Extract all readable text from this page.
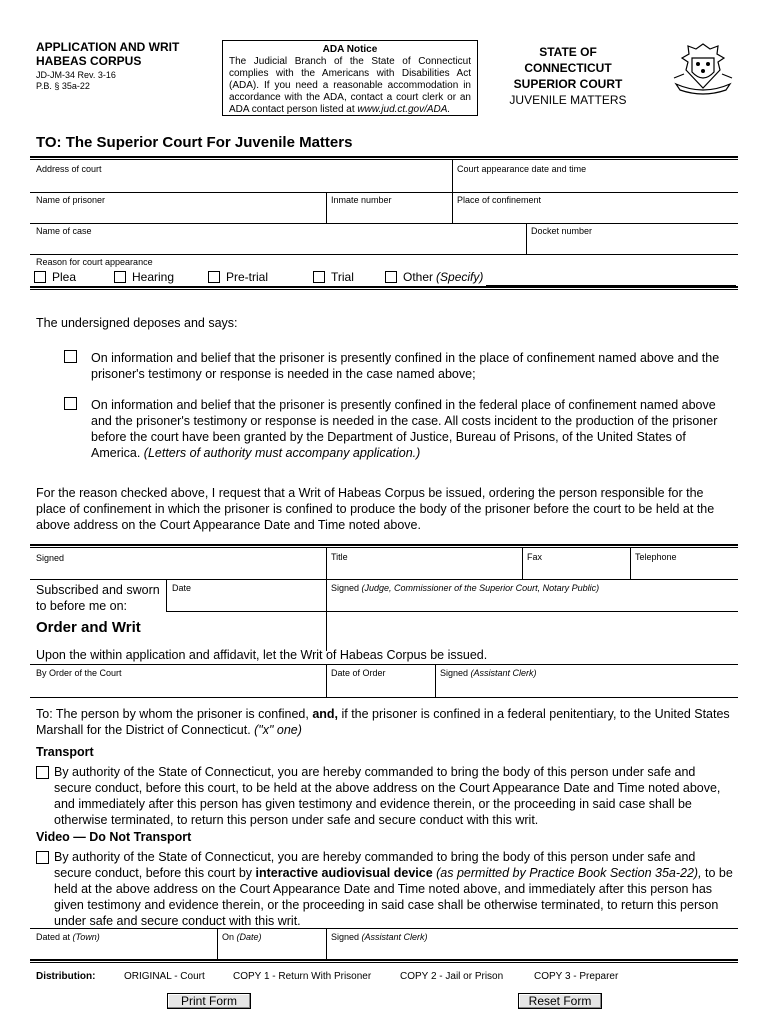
APPLICATION AND WRIT
HABEAS CORPUS
JD-JM-34 Rev. 3-16
P.B. § 35a-22
ADA Notice
The Judicial Branch of the State of Connecticut complies with the Americans with Disabilities Act (ADA). If you need a reasonable accommodation in accordance with the ADA, contact a court clerk or an ADA contact person listed at www.jud.ct.gov/ADA.
STATE OF CONNECTICUT
SUPERIOR COURT
JUVENILE MATTERS
TO: The Superior Court For Juvenile Matters
Address of court	Court appearance date and time
Name of prisoner	Inmate number	Place of confinement
Name of case	Docket number
Reason for court appearance
Plea	Hearing	Pre-trial	Trial	Other (Specify)
The undersigned deposes and says:
On information and belief that the prisoner is presently confined in the place of confinement named above and the prisoner's testimony or response is needed in the case named above;
On information and belief that the prisoner is presently confined in the federal place of confinement named above and the prisoner's testimony or response is needed in the case. All costs incident to the production of the prisoner before the court have been granted by the Department of Justice, Bureau of Prisons, of the United States of America. (Letters of authority must accompany application.)
For the reason checked above, I request that a Writ of Habeas Corpus be issued, ordering the person responsible for the place of confinement in which the prisoner is confined to produce the body of the prisoner before the court to be held at the above address on the Court Appearance Date and Time noted above.
Signed	Title	Fax	Telephone
Subscribed and sworn
to before me on:
Date	Signed (Judge, Commissioner of the Superior Court, Notary Public)
Order and Writ
Upon the within application and affidavit, let the Writ of Habeas Corpus be issued.
By Order of the Court	Date of Order	Signed (Assistant Clerk)
To: The person by whom the prisoner is confined, and, if the prisoner is confined in a federal penitentiary, to the United States Marshall for the District of Connecticut. ("x" one)
Transport
By authority of the State of Connecticut, you are hereby commanded to bring the body of this person under safe and secure conduct, before this court, to be held at the above address on the Court Appearance Date and Time noted above, and immediately after this person has given testimony and evidence therein, or the proceeding in said case shall be otherwise terminated, to return this person under safe and secure conduct with this writ.
Video — Do Not Transport
By authority of the State of Connecticut, you are hereby commanded to bring the body of this person under safe and secure conduct, before this court by interactive audiovisual device (as permitted by Practice Book Section 35a-22), to be held at the above address on the Court Appearance Date and Time noted above, and immediately after this person has given testimony and evidence therein, or the proceeding in said case shall be otherwise terminated, to return this person under safe and secure conduct with this writ.
Dated at (Town)	On (Date)	Signed (Assistant Clerk)
Distribution:	ORIGINAL - Court	COPY 1 - Return With Prisoner	COPY 2 - Jail or Prison	COPY 3 - Preparer
Print Form	Reset Form
